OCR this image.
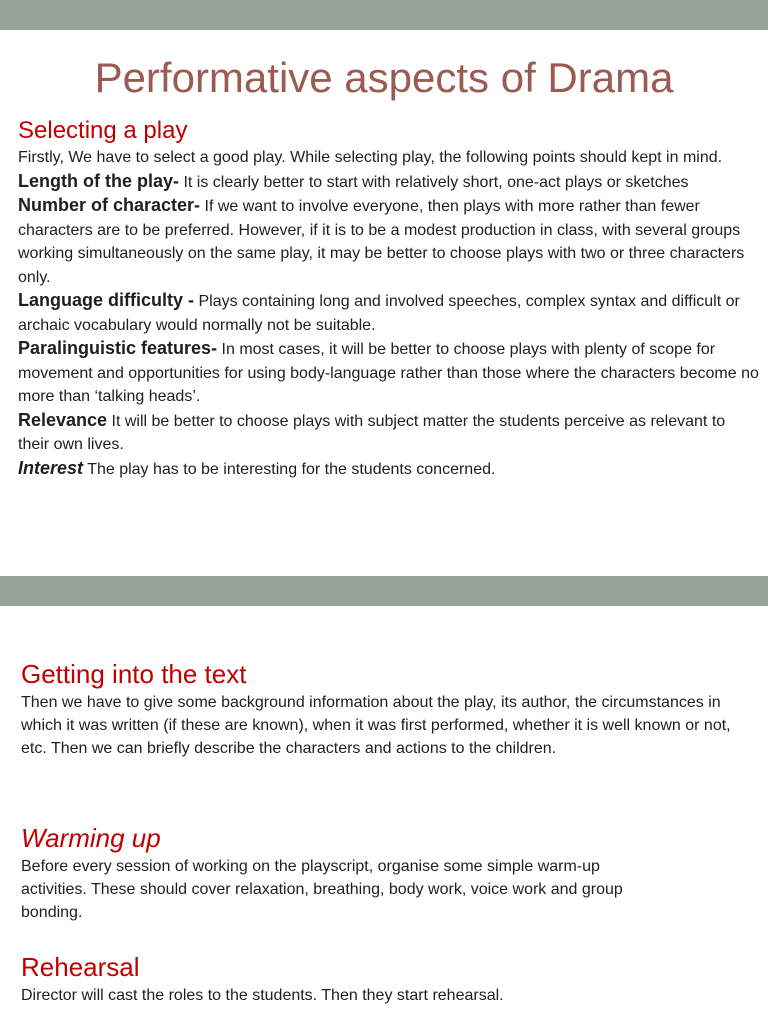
Performative aspects of Drama
Selecting a play

Firstly, We have to select a good play. While selecting play, the following points should kept in mind.

Length of the play- It is clearly better to start with relatively short, one-act plays or sketches

Number of character- If we want to involve everyone, then plays with more rather than fewer characters are to be preferred. However, if it is to be a modest production in class, with several groups working simultaneously on the same play, it may be better to choose plays with two or three characters only.

Language difficulty - Plays containing long and involved speeches, complex syntax and difficult or archaic vocabulary would normally not be suitable.

Paralinguistic features- In most cases, it will be better to choose plays with plenty of scope for movement and opportunities for using body-language rather than those where the characters become no more than ‘talking heads’.

Relevance It will be better to choose plays with subject matter the students perceive as relevant to their own lives.

Interest The play has to be interesting for the students concerned.

Getting into the text

Then we have to give some background information about the play, its author, the circumstances in which it was written (if these are known), when it was first performed, whether it is well known or not, etc. Then we can briefly describe the characters and actions to the children.

Warming up

Before every session of working on the playscript, organise some simple warm-up activities. These should cover relaxation, breathing, body work, voice work and group bonding.

Rehearsal

Director will cast the roles to the students. Then they start rehearsal.
